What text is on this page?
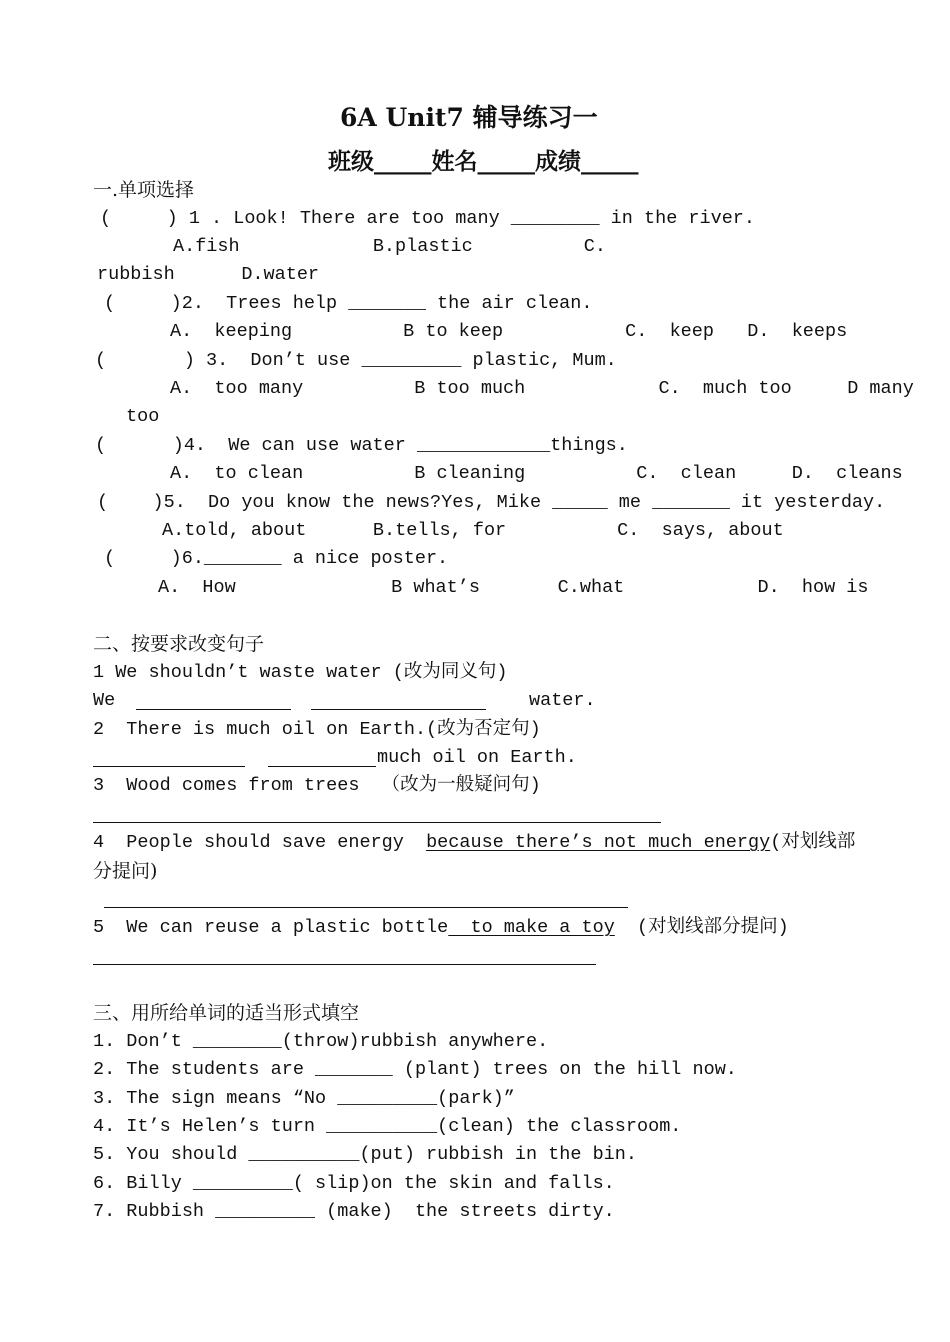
6A Unit7 辅导练习一
班级_____姓名_____成绩_____
一.单项选择
(     ) 1 . Look! There are too many ________ in the river.
A.fish            B.plastic          C.
rubbish      D.water
(     )2.  Trees help _______ the air clean.
A.  keeping          B to keep           C.  keep   D.  keeps
(       ) 3.  Don’t use _________ plastic, Mum.
A.  too many          B too much            C.  much too     D many
too
(      )4.  We can use water ____________things.
A.  to clean          B cleaning          C.  clean     D.  cleans
(    )5.  Do you know the news?Yes, Mike _____ me _______ it yesterday.
A.told, about      B.tells, for          C.  says, about
(     )6._______ a nice poster.
A.  How              B what’s       C.what            D.  how is
二、按要求改变句子
1 We shouldn’t waste water (改为同义句)
We	water.
2  There is much oil on Earth.(改为否定句)
much oil on Earth.
3  Wood comes from trees  （改为一般疑问句)
4  People should save energy  because there’s not much energy(对划线部
分提问)
5  We can reuse a plastic bottle  to make a toy  (对划线部分提问)
三、用所给单词的适当形式填空
1. Don’t ________(throw)rubbish anywhere.
2. The students are _______ (plant) trees on the hill now.
3. The sign means “No _________(park)”
4. It’s Helen’s turn __________(clean) the classroom.
5. You should __________(put) rubbish in the bin.
6. Billy _________( slip)on the skin and falls.
7. Rubbish _________ (make)  the streets dirty.
